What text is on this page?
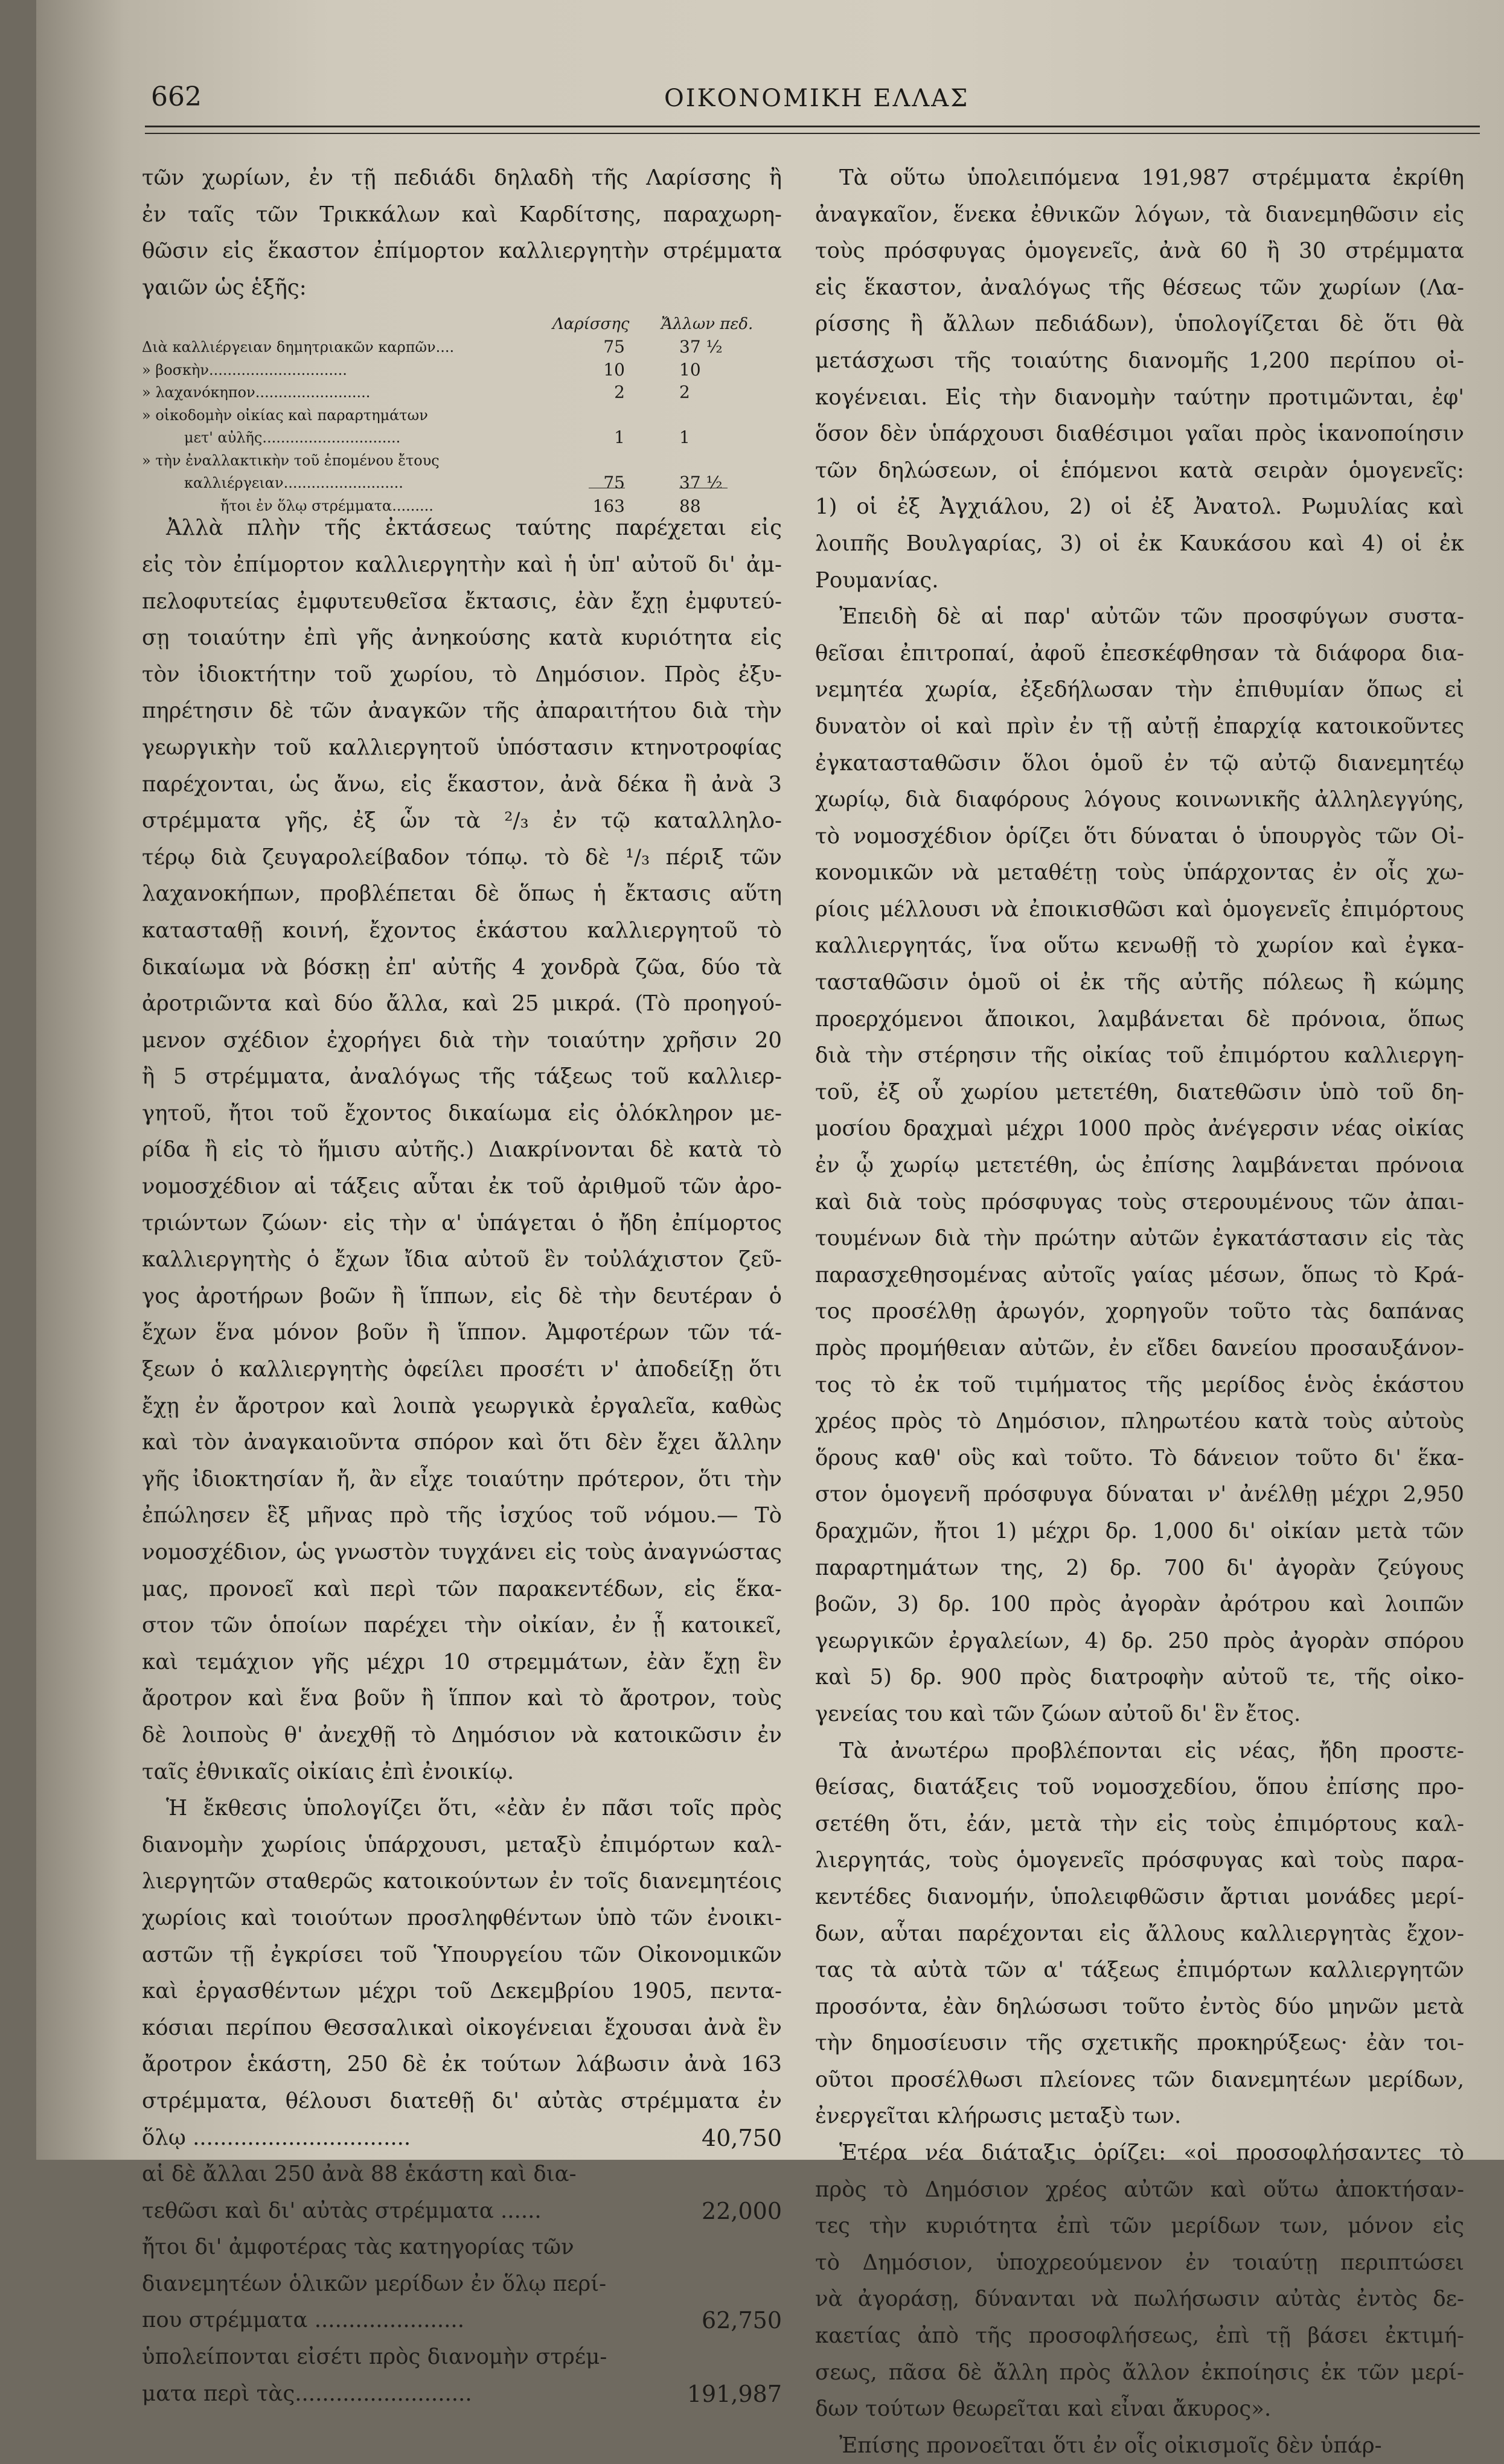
662	ΟΙΚΟΝΟΜΙΚΗ ΕΛΛΑΣ
τῶν χωρίων, ἐν τῇ πεδιάδι δηλαδὴ τῆς Λαρίσσης ἢ
ἐν ταῖς τῶν Τρικκάλων καὶ Καρδίτσης, παραχωρη-
θῶσιν εἰς ἕκαστον ἐπίμορτον καλλιεργητὴν στρέμματα
γαιῶν ὡς ἑξῆς:
Λαρίσσης Ἄλλων πεδ.
Διὰ καλλιέργειαν δημητριακῶν καρπῶν....	75	37 ½
» βοσκὴν..............................	10	10
» λαχανόκηπον.........................	2	2
» οἰκοδομὴν οἰκίας καὶ παραρτημάτων
μετ' αὐλῆς..............................	1	1
» τὴν ἐναλλακτικὴν τοῦ ἑπομένου ἔτους
καλλιέργειαν..........................	75	37 ½
ἤτοι ἐν ὅλῳ στρέμματα.........	163	88
Ἀλλὰ πλὴν τῆς ἐκτάσεως ταύτης παρέχεται εἰς
εἰς τὸν ἐπίμορτον καλλιεργητὴν καὶ ἡ ὑπ' αὐτοῦ δι' ἀμ-
πελοφυτείας ἐμφυτευθεῖσα ἔκτασις, ἐὰν ἔχῃ ἐμφυτεύ-
σῃ τοιαύτην ἐπὶ γῆς ἀνηκούσης κατὰ κυριότητα εἰς
τὸν ἰδιοκτήτην τοῦ χωρίου, τὸ Δημόσιον. Πρὸς ἐξυ-
πηρέτησιν δὲ τῶν ἀναγκῶν τῆς ἀπαραιτήτου διὰ τὴν
γεωργικὴν τοῦ καλλιεργητοῦ ὑπόστασιν κτηνοτροφίας
παρέχονται, ὡς ἄνω, εἰς ἕκαστον, ἀνὰ δέκα ἢ ἀνὰ 3
στρέμματα γῆς, ἐξ ὧν τὰ ²/₃ ἐν τῷ καταλληλο-
τέρῳ διὰ ζευγαρολείβαδον τόπῳ. τὸ δὲ ¹/₃ πέριξ τῶν
λαχανοκήπων, προβλέπεται δὲ ὅπως ἡ ἔκτασις αὕτη
κατασταθῇ κοινή, ἔχοντος ἑκάστου καλλιεργητοῦ τὸ
δικαίωμα νὰ βόσκῃ ἐπ' αὐτῆς 4 χονδρὰ ζῶα, δύο τὰ
ἀροτριῶντα καὶ δύο ἄλλα, καὶ 25 μικρά. (Τὸ προηγού-
μενον σχέδιον ἐχορήγει διὰ τὴν τοιαύτην χρῆσιν 20
ἢ 5 στρέμματα, ἀναλόγως τῆς τάξεως τοῦ καλλιερ-
γητοῦ, ἤτοι τοῦ ἔχοντος δικαίωμα εἰς ὁλόκληρον με-
ρίδα ἢ εἰς τὸ ἥμισυ αὐτῆς.) Διακρίνονται δὲ κατὰ τὸ
νομοσχέδιον αἱ τάξεις αὗται ἐκ τοῦ ἀριθμοῦ τῶν ἀρο-
τριώντων ζώων· εἰς τὴν α' ὑπάγεται ὁ ἤδη ἐπίμορτος
καλλιεργητὴς ὁ ἔχων ἴδια αὐτοῦ ἓν τοὐλάχιστον ζεῦ-
γος ἀροτήρων βοῶν ἢ ἵππων, εἰς δὲ τὴν δευτέραν ὁ
ἔχων ἕνα μόνον βοῦν ἢ ἵππον. Ἀμφοτέρων τῶν τά-
ξεων ὁ καλλιεργητὴς ὀφείλει προσέτι ν' ἀποδείξῃ ὅτι
ἔχῃ ἐν ἄροτρον καὶ λοιπὰ γεωργικὰ ἐργαλεῖα, καθὼς
καὶ τὸν ἀναγκαιοῦντα σπόρον καὶ ὅτι δὲν ἔχει ἄλλην
γῆς ἰδιοκτησίαν ἤ, ἂν εἶχε τοιαύτην πρότερον, ὅτι τὴν
ἐπώλησεν ἓξ μῆνας πρὸ τῆς ἰσχύος τοῦ νόμου.— Τὸ
νομοσχέδιον, ὡς γνωστὸν τυγχάνει εἰς τοὺς ἀναγνώστας
μας, προνοεῖ καὶ περὶ τῶν παρακεντέδων, εἰς ἕκα-
στον τῶν ὁποίων παρέχει τὴν οἰκίαν, ἐν ᾗ κατοικεῖ,
καὶ τεμάχιον γῆς μέχρι 10 στρεμμάτων, ἐὰν ἔχῃ ἓν
ἄροτρον καὶ ἕνα βοῦν ἢ ἵππον καὶ τὸ ἄροτρον, τοὺς
δὲ λοιποὺς θ' ἀνεχθῇ τὸ Δημόσιον νὰ κατοικῶσιν ἐν
ταῖς ἐθνικαῖς οἰκίαις ἐπὶ ἐνοικίῳ.
Ἡ ἔκθεσις ὑπολογίζει ὅτι, «ἐὰν ἐν πᾶσι τοῖς πρὸς
διανομὴν χωρίοις ὑπάρχουσι, μεταξὺ ἐπιμόρτων καλ-
λιεργητῶν σταθερῶς κατοικούντων ἐν τοῖς διανεμητέοις
χωρίοις καὶ τοιούτων προσληφθέντων ὑπὸ τῶν ἐνοικι-
αστῶν τῇ ἐγκρίσει τοῦ Ὑπουργείου τῶν Οἰκονομικῶν
καὶ ἐργασθέντων μέχρι τοῦ Δεκεμβρίου 1905, πεντα-
κόσιαι περίπου Θεσσαλικαὶ οἰκογένειαι ἔχουσαι ἀνὰ ἓν
ἄροτρον ἑκάστη, 250 δὲ ἐκ τούτων λάβωσιν ἀνὰ 163
στρέμματα, θέλουσι διατεθῇ δι' αὐτὰς στρέμματα ἐν
ὅλῳ ................................	40,750
αἱ δὲ ἄλλαι 250 ἀνὰ 88 ἑκάστη καὶ δια-
τεθῶσι καὶ δι' αὐτὰς στρέμματα ......	22,000
ἤτοι δι' ἀμφοτέρας τὰς κατηγορίας τῶν
διανεμητέων ὁλικῶν μερίδων ἐν ὅλῳ περί-
που στρέμματα ......................	62,750
ὑπολείπονται εἰσέτι πρὸς διανομὴν στρέμ-
ματα περὶ τὰς..........................	191,987
Τὰ οὕτω ὑπολειπόμενα 191,987 στρέμματα ἐκρίθη
ἀναγκαῖον, ἕνεκα ἐθνικῶν λόγων, τὰ διανεμηθῶσιν εἰς
τοὺς πρόσφυγας ὁμογενεῖς, ἀνὰ 60 ἢ 30 στρέμματα
εἰς ἕκαστον, ἀναλόγως τῆς θέσεως τῶν χωρίων (Λα-
ρίσσης ἢ ἄλλων πεδιάδων), ὑπολογίζεται δὲ ὅτι θὰ
μετάσχωσι τῆς τοιαύτης διανομῆς 1,200 περίπου οἰ-
κογένειαι. Εἰς τὴν διανομὴν ταύτην προτιμῶνται, ἐφ'
ὅσον δὲν ὑπάρχουσι διαθέσιμοι γαῖαι πρὸς ἱκανοποίησιν
τῶν δηλώσεων, οἱ ἑπόμενοι κατὰ σειρὰν ὁμογενεῖς:
1) οἱ ἐξ Ἀγχιάλου, 2) οἱ ἐξ Ἀνατολ. Ρωμυλίας καὶ
λοιπῆς Βουλγαρίας, 3) οἱ ἐκ Καυκάσου καὶ 4) οἱ ἐκ
Ρουμανίας.
Ἐπειδὴ δὲ αἱ παρ' αὐτῶν τῶν προσφύγων συστα-
θεῖσαι ἐπιτροπαί, ἀφοῦ ἐπεσκέφθησαν τὰ διάφορα δια-
νεμητέα χωρία, ἐξεδήλωσαν τὴν ἐπιθυμίαν ὅπως εἰ
δυνατὸν οἱ καὶ πρὶν ἐν τῇ αὐτῇ ἐπαρχίᾳ κατοικοῦντες
ἐγκατασταθῶσιν ὅλοι ὁμοῦ ἐν τῷ αὐτῷ διανεμητέῳ
χωρίῳ, διὰ διαφόρους λόγους κοινωνικῆς ἀλληλεγγύης,
τὸ νομοσχέδιον ὁρίζει ὅτι δύναται ὁ ὑπουργὸς τῶν Οἰ-
κονομικῶν νὰ μεταθέτῃ τοὺς ὑπάρχοντας ἐν οἷς χω-
ρίοις μέλλουσι νὰ ἐποικισθῶσι καὶ ὁμογενεῖς ἐπιμόρτους
καλλιεργητάς, ἵνα οὕτω κενωθῇ τὸ χωρίον καὶ ἐγκα-
τασταθῶσιν ὁμοῦ οἱ ἐκ τῆς αὐτῆς πόλεως ἢ κώμης
προερχόμενοι ἄποικοι, λαμβάνεται δὲ πρόνοια, ὅπως
διὰ τὴν στέρησιν τῆς οἰκίας τοῦ ἐπιμόρτου καλλιεργη-
τοῦ, ἐξ οὗ χωρίου μετετέθη, διατεθῶσιν ὑπὸ τοῦ δη-
μοσίου δραχμαὶ μέχρι 1000 πρὸς ἀνέγερσιν νέας οἰκίας
ἐν ᾧ χωρίῳ μετετέθη, ὡς ἐπίσης λαμβάνεται πρόνοια
καὶ διὰ τοὺς πρόσφυγας τοὺς στερουμένους τῶν ἀπαι-
τουμένων διὰ τὴν πρώτην αὐτῶν ἐγκατάστασιν εἰς τὰς
παρασχεθησομένας αὐτοῖς γαίας μέσων, ὅπως τὸ Κρά-
τος προσέλθῃ ἀρωγόν, χορηγοῦν τοῦτο τὰς δαπάνας
πρὸς προμήθειαν αὐτῶν, ἐν εἴδει δανείου προσαυξάνον-
τος τὸ ἐκ τοῦ τιμήματος τῆς μερίδος ἑνὸς ἑκάστου
χρέος πρὸς τὸ Δημόσιον, πληρωτέου κατὰ τοὺς αὐτοὺς
ὅρους καθ' οὓς καὶ τοῦτο. Τὸ δάνειον τοῦτο δι' ἕκα-
στον ὁμογενῆ πρόσφυγα δύναται ν' ἀνέλθῃ μέχρι 2,950
δραχμῶν, ἤτοι 1) μέχρι δρ. 1,000 δι' οἰκίαν μετὰ τῶν
παραρτημάτων της, 2) δρ. 700 δι' ἀγορὰν ζεύγους
βοῶν, 3) δρ. 100 πρὸς ἀγορὰν ἀρότρου καὶ λοιπῶν
γεωργικῶν ἐργαλείων, 4) δρ. 250 πρὸς ἀγορὰν σπόρου
καὶ 5) δρ. 900 πρὸς διατροφὴν αὐτοῦ τε, τῆς οἰκο-
γενείας του καὶ τῶν ζώων αὐτοῦ δι' ἓν ἔτος.
Τὰ ἀνωτέρω προβλέπονται εἰς νέας, ἤδη προστε-
θείσας, διατάξεις τοῦ νομοσχεδίου, ὅπου ἐπίσης προ-
σετέθη ὅτι, ἐάν, μετὰ τὴν εἰς τοὺς ἐπιμόρτους καλ-
λιεργητάς, τοὺς ὁμογενεῖς πρόσφυγας καὶ τοὺς παρα-
κεντέδες διανομήν, ὑπολειφθῶσιν ἄρτιαι μονάδες μερί-
δων, αὗται παρέχονται εἰς ἄλλους καλλιεργητὰς ἔχον-
τας τὰ αὐτὰ τῶν α' τάξεως ἐπιμόρτων καλλιεργητῶν
προσόντα, ἐὰν δηλώσωσι τοῦτο ἐντὸς δύο μηνῶν μετὰ
τὴν δημοσίευσιν τῆς σχετικῆς προκηρύξεως· ἐὰν τοι-
οῦτοι προσέλθωσι πλείονες τῶν διανεμητέων μερίδων,
ἐνεργεῖται κλήρωσις μεταξὺ των.
Ἑτέρα νέα διάταξις ὁρίζει: «οἱ προσοφλήσαντες τὸ
πρὸς τὸ Δημόσιον χρέος αὐτῶν καὶ οὕτω ἀποκτήσαν-
τες τὴν κυριότητα ἐπὶ τῶν μερίδων των, μόνον εἰς
τὸ Δημόσιον, ὑποχρεούμενον ἐν τοιαύτῃ περιπτώσει
νὰ ἀγοράσῃ, δύνανται νὰ πωλήσωσιν αὐτὰς ἐντὸς δε-
καετίας ἀπὸ τῆς προσοφλήσεως, ἐπὶ τῇ βάσει ἐκτιμή-
σεως, πᾶσα δὲ ἄλλη πρὸς ἄλλον ἐκποίησις ἐκ τῶν μερί-
δων τούτων θεωρεῖται καὶ εἶναι ἄκυρος».
Ἐπίσης προνοεῖται ὅτι ἐν οἷς οἰκισμοῖς δὲν ὑπάρ-
